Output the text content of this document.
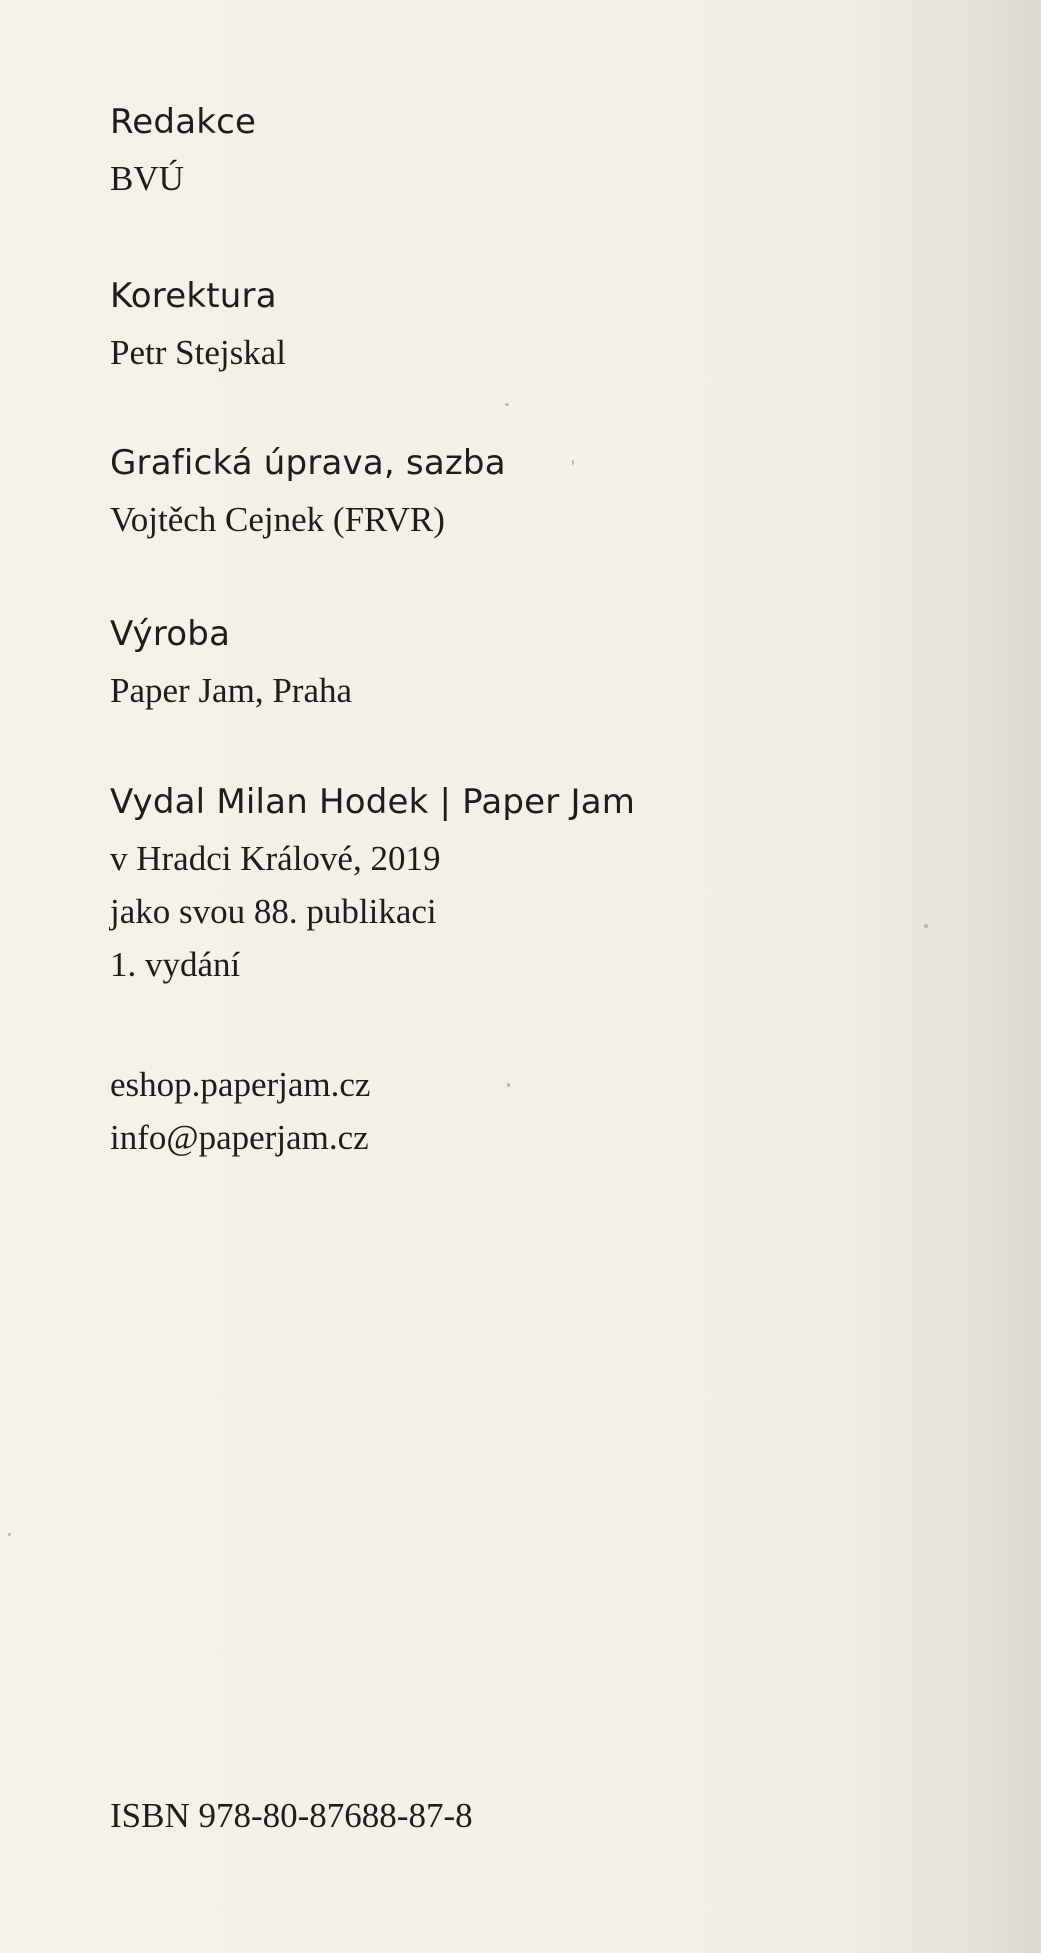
Redakce
BVÚ
Korektura
Petr Stejskal
Grafická úprava, sazba
Vojtěch Cejnek (FRVR)
Výroba
Paper Jam, Praha
Vydal Milan Hodek | Paper Jam
v Hradci Králové, 2019
jako svou 88. publikaci
1. vydání
eshop.paperjam.cz
info@paperjam.cz
ISBN 978-80-87688-87-8
